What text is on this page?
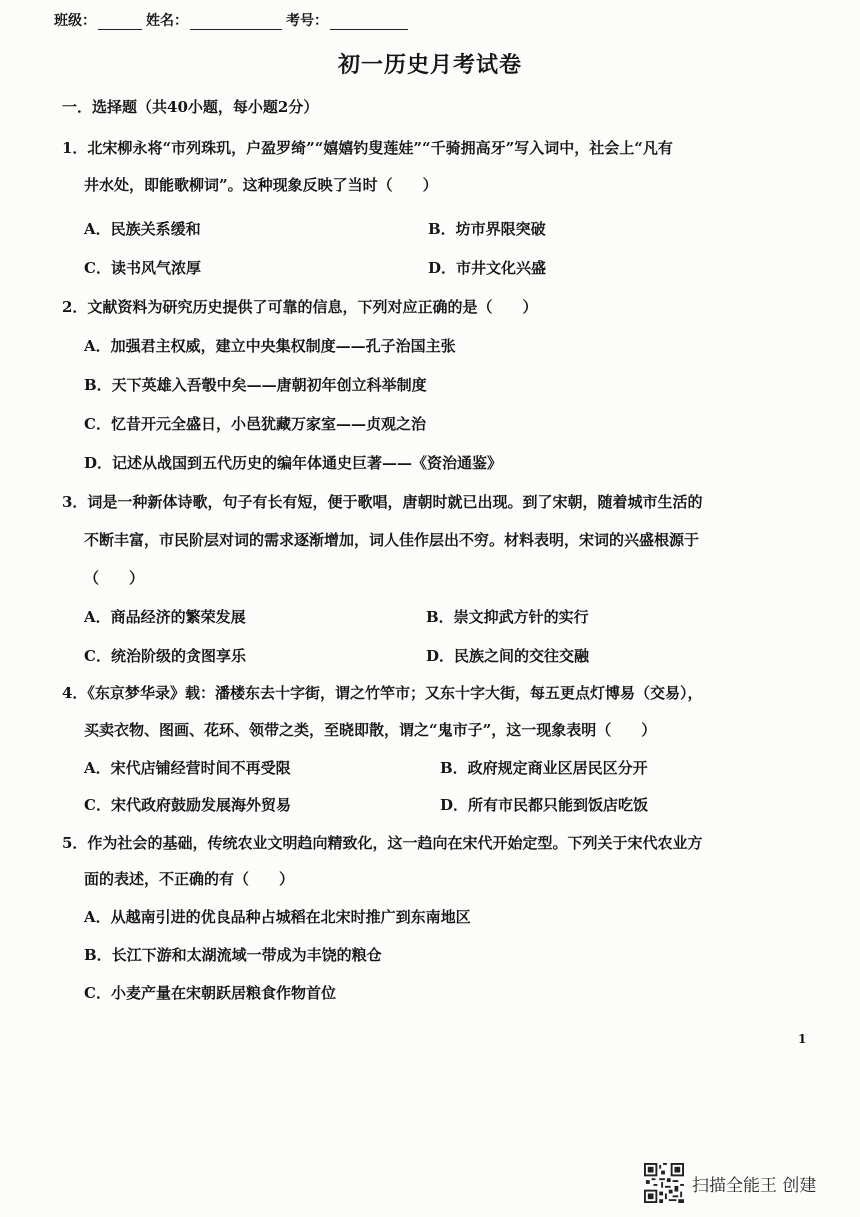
班级：	姓名：	考号：
初一历史月考试卷
一．选择题（共40小题，每小题2分）
1．北宋柳永将“市列珠玑，户盈罗绮”“嬉嬉钓叟莲娃”“千骑拥高牙”写入词中，社会上“凡有
井水处，即能歌柳词”。这种现象反映了当时（　　）
A．民族关系缓和	B．坊市界限突破
C．读书风气浓厚	D．市井文化兴盛
2．文献资料为研究历史提供了可靠的信息，下列对应正确的是（　　）
A．加强君主权威，建立中央集权制度——孔子治国主张
B．天下英雄入吾彀中矣——唐朝初年创立科举制度
C．忆昔开元全盛日，小邑犹藏万家室——贞观之治
D．记述从战国到五代历史的编年体通史巨著——《资治通鉴》
3．词是一种新体诗歌，句子有长有短，便于歌唱，唐朝时就已出现。到了宋朝，随着城市生活的
不断丰富，市民阶层对词的需求逐渐增加，词人佳作层出不穷。材料表明，宋词的兴盛根源于
（　　）
A．商品经济的繁荣发展	B．崇文抑武方针的实行
C．统治阶级的贪图享乐	D．民族之间的交往交融
4．《东京梦华录》载：潘楼东去十字街，谓之竹竿市；又东十字大街，每五更点灯博易（交易），
买卖衣物、图画、花环、领带之类，至晓即散，谓之“鬼市子”，这一现象表明（　　）
A．宋代店铺经营时间不再受限	B．政府规定商业区居民区分开
C．宋代政府鼓励发展海外贸易	D．所有市民都只能到饭店吃饭
5．作为社会的基础，传统农业文明趋向精致化，这一趋向在宋代开始定型。下列关于宋代农业方
面的表述，不正确的有（　　）
A．从越南引进的优良品种占城稻在北宋时推广到东南地区
B．长江下游和太湖流域一带成为丰饶的粮仓
C．小麦产量在宋朝跃居粮食作物首位
1
扫描全能王 创建
